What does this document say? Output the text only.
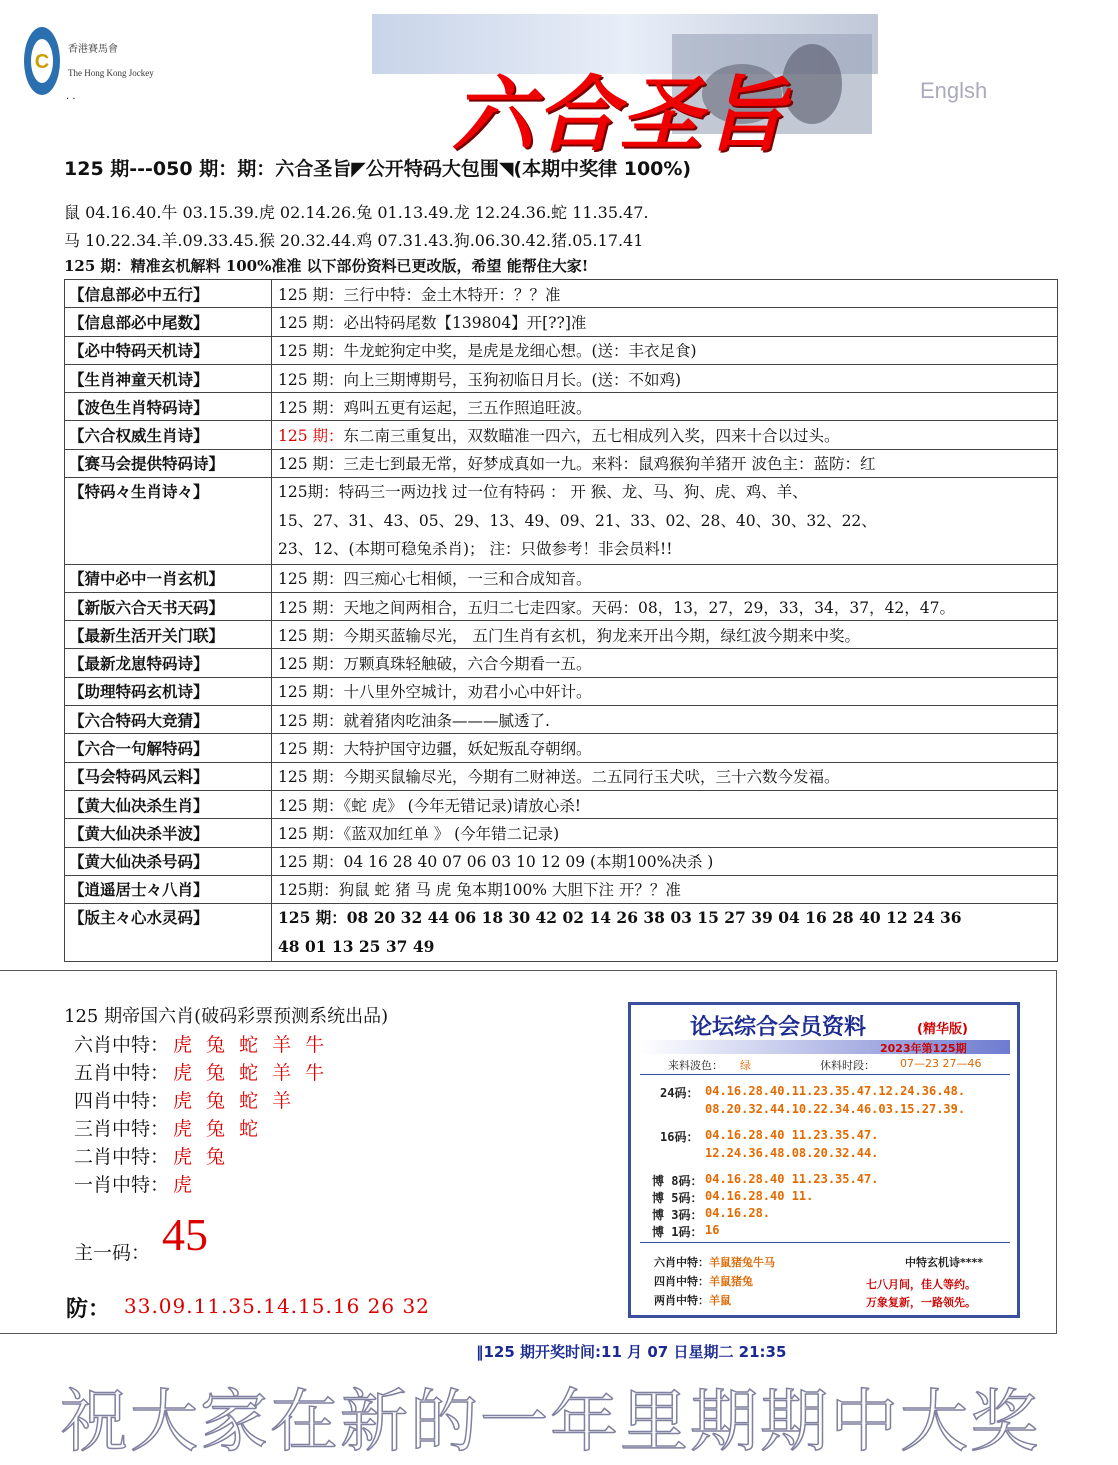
C
香港賽馬會
The Hong Kong Jockey
· ·	六合圣旨	Englsh
125 期---050 期：期：六合圣旨◤公开特码大包围◥(本期中奖律 100%)
鼠 04.16.40.牛 03.15.39.虎 02.14.26.兔 01.13.49.龙 12.24.36.蛇 11.35.47.
马 10.22.34.羊.09.33.45.猴 20.32.44.鸡 07.31.43.狗.06.30.42.猪.05.17.41
125 期：精准玄机解料 100%准准 以下部份资料已更改版，希望 能帮住大家!
【信息部必中五行】	125 期：三行中特：金土木特开：？？准
【信息部必中尾数】	125 期：必出特码尾数【139804】开[??]准
【必中特码天机诗】	125 期：牛龙蛇狗定中奖，是虎是龙细心想。(送：丰衣足食)
【生肖神童天机诗】	125 期：向上三期博期号，玉狗初临日月长。(送：不如鸡)
【波色生肖特码诗】	125 期：鸡叫五更有运起，三五作照追旺波。
【六合权威生肖诗】	125 期：东二南三重复出，双数瞄准一四六，五七相成列入奖，四来十合以过头。
【赛马会提供特码诗】	125 期：三走七到最无常，好梦成真如一九。来料：鼠鸡猴狗羊猪开 波色主：蓝防：红
【特码々生肖诗々】	125期：特码三一两边找 过一位有特码 ： 开 猴、龙、马、狗、虎、鸡、羊、
15、27、31、43、05、29、13、49、09、21、33、02、28、40、30、32、22、
23、12、(本期可稳兔杀肖)； 注：只做参考！非会员料!!

【猜中必中一肖玄机】	125 期：四三痴心七相倾，一三和合成知音。
【新版六合天书天码】	125 期：天地之间两相合，五归二七走四家。天码：08，13，27，29，33，34，37，42，47。
【最新生活开关门联】	125 期：今期买蓝输尽光， 五门生肖有玄机，狗龙来开出今期，绿红波今期来中奖。
【最新龙崽特码诗】	125 期：万颗真珠轻触破，六合今期看一五。
【助理特码玄机诗】	125 期：十八里外空城计，劝君小心中奸计。
【六合特码大竞猜】	125 期：就着猪肉吃油条———腻透了.
【六合一句解特码】	125 期：大特护国守边疆，妖妃叛乱夺朝纲。
【马会特码风云料】	125 期：今期买鼠输尽光，今期有二财神送。二五同行玉犬吠，三十六数今发福。
【黄大仙决杀生肖】	125 期：《蛇 虎》 (今年无错记录)请放心杀!
【黄大仙决杀半波】	125 期：《蓝双加红单 》 (今年错二记录)
【黄大仙决杀号码】	125 期：04 16 28 40 07 06 03 10 12 09 (本期100%决杀 )
【逍遥居士々八肖】	125期：狗鼠 蛇 猪 马 虎 兔本期100% 大胆下注 开？？准
【版主々心水灵码】	125 期：08 20 32 44 06 18 30 42 02 14 26 38 03 15 27 39 04 16 28 40 12 24 36
48 01 13 25 37 49
125 期帝国六肖(破码彩票预测系统出品)
六肖中特： 虎 兔 蛇 羊 牛
五肖中特： 虎 兔 蛇 羊 牛
四肖中特： 虎 兔 蛇 羊
三肖中特： 虎 兔 蛇
二肖中特： 虎 兔
一肖中特： 虎
主一码： 45
防： 33.09.11.35.14.15.16 26 32
论坛综合会员资料	(精华版)
2023年第125期
来料波色： 绿	休料时段： 07—23 27—46
24码： 04.16.28.40.11.23.35.47.12.24.36.48.
08.20.32.44.10.22.34.46.03.15.27.39.
16码： 04.16.28.40 11.23.35.47.
12.24.36.48.08.20.32.44.
博 8码： 04.16.28.40 11.23.35.47.
博 5码： 04.16.28.40 11.
博 3码： 04.16.28.
博 1码： 16
六肖中特：羊鼠猪兔牛马
四肖中特：羊鼠猪兔
两肖中特：羊鼠
中特玄机诗****
七八月间，佳人等约。
万象复新，一路领先。
‖125 期开奖时间:11 月 07 日星期二 21:35
祝大家在新的一年里期期中大奖
